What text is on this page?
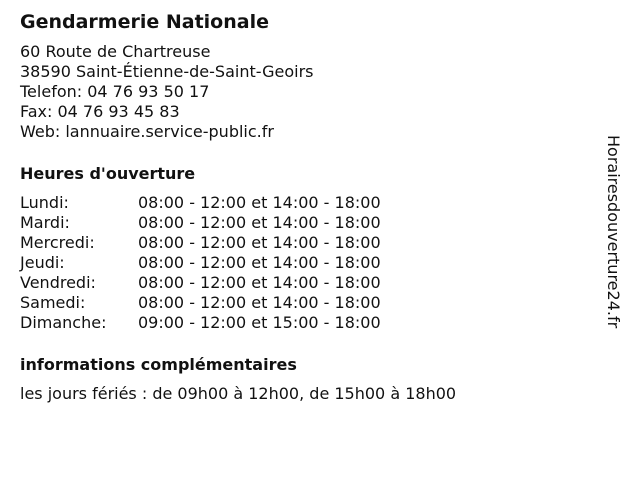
Gendarmerie Nationale
60 Route de Chartreuse
38590 Saint-Étienne-de-Saint-Geoirs
Telefon: 04 76 93 50 17
Fax: 04 76 93 45 83
Web: lannuaire.service-public.fr
Heures d'ouverture
Lundi:	08:00 - 12:00 et 14:00 - 18:00
Mardi:	08:00 - 12:00 et 14:00 - 18:00
Mercredi:	08:00 - 12:00 et 14:00 - 18:00
Jeudi:	08:00 - 12:00 et 14:00 - 18:00
Vendredi:	08:00 - 12:00 et 14:00 - 18:00
Samedi:	08:00 - 12:00 et 14:00 - 18:00
Dimanche:	09:00 - 12:00 et 15:00 - 18:00
informations complémentaires
les jours fériés : de 09h00 à 12h00, de 15h00 à 18h00
Horairesdouverture24.fr
